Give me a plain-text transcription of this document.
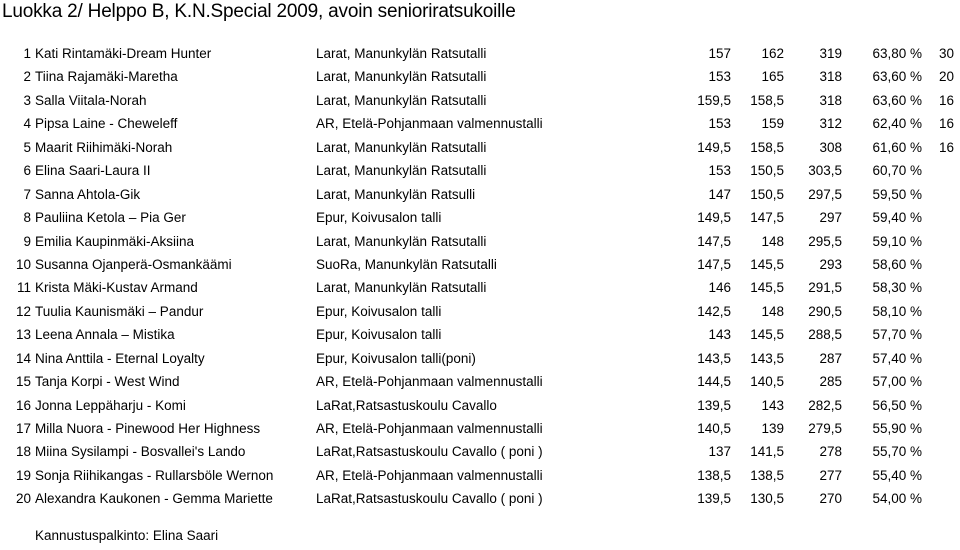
Luokka 2/ Helppo B, K.N.Special 2009, avoin senioriratsukoille
1 Kati Rintamäki-Dream Hunter	Larat, Manunkylän Ratsutalli	157 162	319 63,80 % 30
2 Tiina Rajamäki-Maretha	Larat, Manunkylän Ratsutalli	153 165	318 63,60 % 20
3 Salla Viitala-Norah	Larat, Manunkylän Ratsutalli	159,5 158,5	318 63,60 % 16
4 Pipsa Laine - Cheweleff	AR, Etelä-Pohjanmaan valmennustalli	153 159	312 62,40 % 16
5 Maarit Riihimäki-Norah	Larat, Manunkylän Ratsutalli	149,5 158,5	308 61,60 % 16
6 Elina Saari-Laura II	Larat, Manunkylän Ratsutalli	153 150,5 303,5 60,70 %
7 Sanna Ahtola-Gik	Larat, Manunkylän Ratsulli	147 150,5 297,5 59,50 %
8 Pauliina Ketola – Pia Ger	Epur, Koivusalon talli	149,5 147,5	297 59,40 %
9 Emilia Kaupinmäki-Aksiina	Larat, Manunkylän Ratsutalli	147,5 148 295,5 59,10 %
10 Susanna Ojanperä-Osmankäämi	SuoRa, Manunkylän Ratsutalli	147,5 145,5	293 58,60 %
11 Krista Mäki-Kustav Armand	Larat, Manunkylän Ratsutalli	146 145,5 291,5 58,30 %
12 Tuulia Kaunismäki – Pandur	Epur, Koivusalon talli	142,5 148 290,5 58,10 %
13 Leena Annala – Mistika	Epur, Koivusalon talli	143 145,5 288,5 57,70 %
14 Nina Anttila - Eternal Loyalty	Epur, Koivusalon talli(poni)	143,5 143,5	287 57,40 %
15 Tanja Korpi - West Wind	AR, Etelä-Pohjanmaan valmennustalli	144,5 140,5	285 57,00 %
16 Jonna Leppäharju - Komi	LaRat,Ratsastuskoulu Cavallo	139,5 143 282,5 56,50 %
17 Milla Nuora - Pinewood Her Highness	AR, Etelä-Pohjanmaan valmennustalli	140,5 139 279,5 55,90 %
18 Miina Sysilampi - Bosvallei's Lando	LaRat,Ratsastuskoulu Cavallo ( poni )	137 141,5	278 55,70 %
19 Sonja Riihikangas - Rullarsböle Wernon	AR, Etelä-Pohjanmaan valmennustalli	138,5 138,5	277 55,40 %
20 Alexandra Kaukonen - Gemma Mariette	LaRat,Ratsastuskoulu Cavallo ( poni )	139,5 130,5	270 54,00 %
Kannustuspalkinto: Elina Saari
